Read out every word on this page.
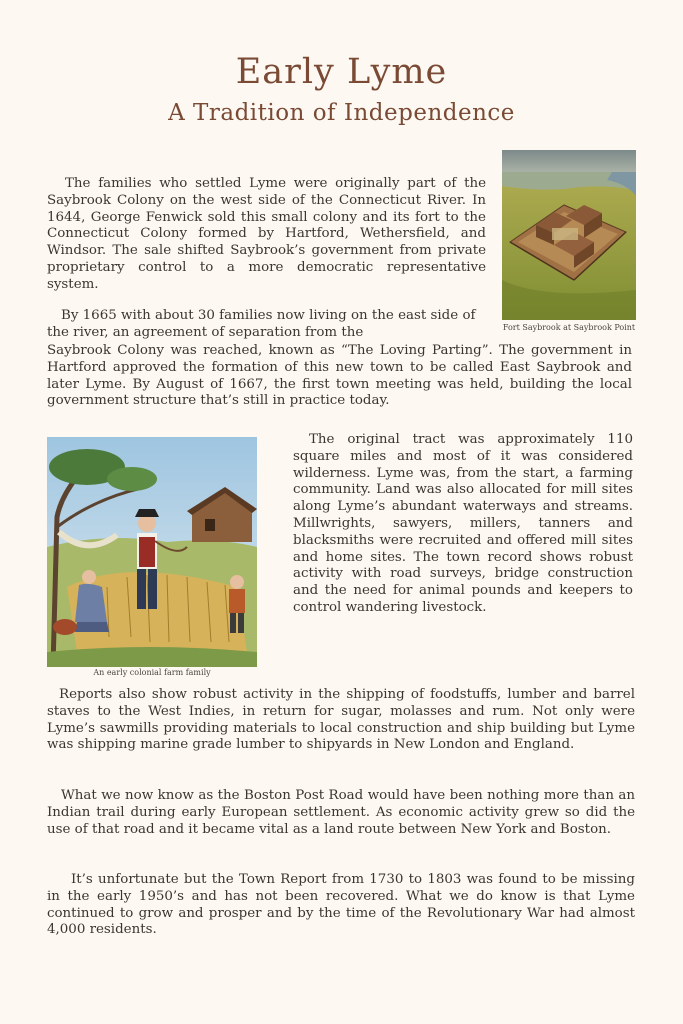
Early Lyme
A Tradition of Independence

Fort Saybrook at Saybrook Point

The families who settled Lyme were originally part of the Saybrook Colony on the west side of the Connecticut River. In 1644, George Fenwick sold this small colony and its fort to the Connecticut Colony formed by Hartford, Wethersfield, and Windsor. The sale shifted Saybrook’s government from private proprietary control to a more democratic representative system.

By 1665 with about 30 families now living on the east side of the river, an agreement of separation from the

Saybrook Colony was reached, known as “The Loving Parting”. The government in Hartford approved the formation of this new town to be called East Saybrook and later Lyme. By August of 1667, the first town meeting was held, building the local government structure that’s still in practice today.

An early colonial farm family

The original tract was approximately 110 square miles and most of it was considered wilderness. Lyme was, from the start, a farming community. Land was also allocated for mill sites along Lyme’s abundant waterways and streams. Millwrights, sawyers, millers, tanners and blacksmiths were recruited and offered mill sites and home sites. The town record shows robust activity with road surveys, bridge construction and the need for animal pounds and keepers to control wandering livestock.

Reports also show robust activity in the shipping of foodstuffs, lumber and barrel staves to the West Indies, in return for sugar, molasses and rum. Not only were Lyme’s sawmills providing materials to local construction and ship building but Lyme was shipping marine grade lumber to shipyards in New London and England.

What we now know as the Boston Post Road would have been nothing more than an Indian trail during early European settlement. As economic activity grew so did the use of that road and it became vital as a land route between New York and Boston.

It’s unfortunate but the Town Report from 1730 to 1803 was found to be missing in the early 1950’s and has not been recovered. What we do know is that Lyme continued to grow and prosper and by the time of the Revolutionary War had almost 4,000 residents.
